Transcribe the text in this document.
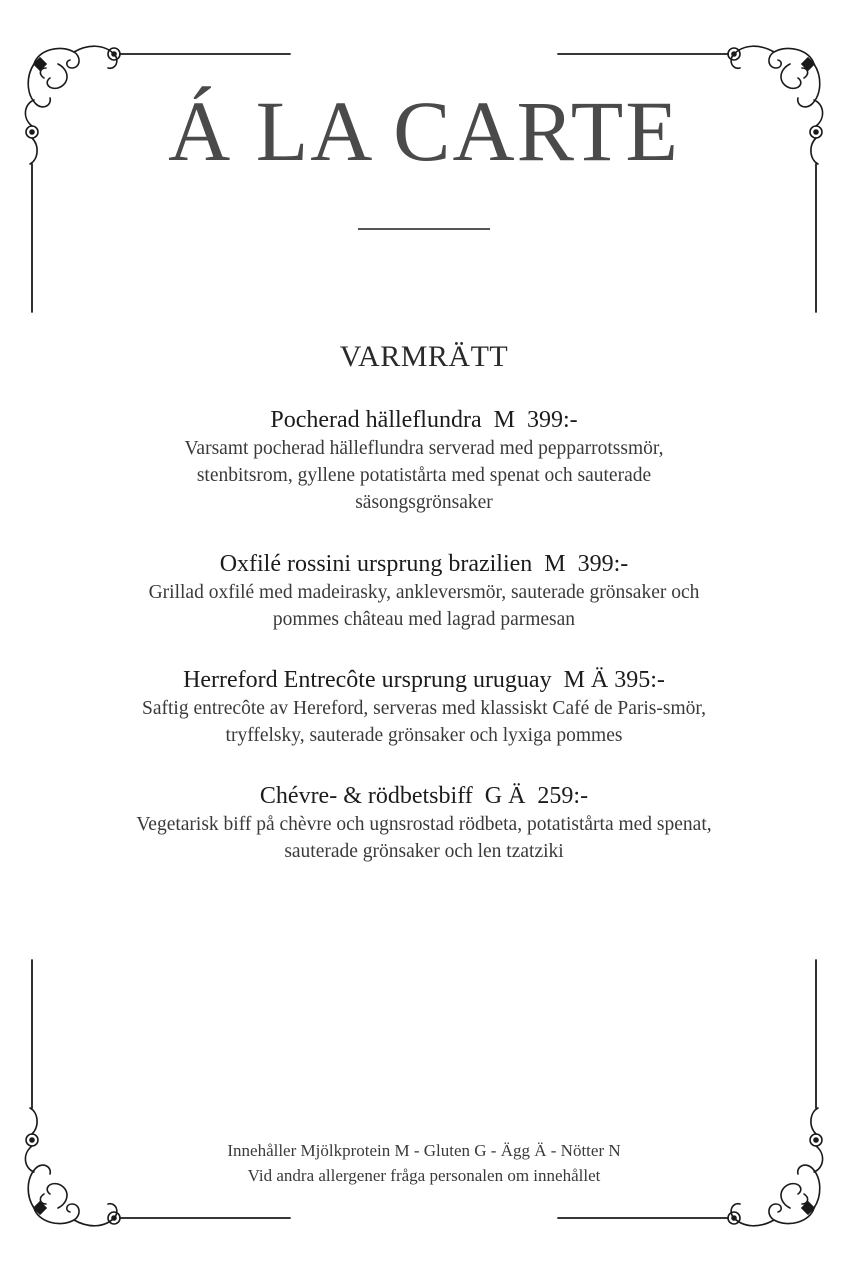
Á LA CARTE
VARMRÄTT
Pocherad hälleflundra  M  399:-
Varsamt pocherad hälleflundra serverad med pepparrotssmör,
stenbitsrom, gyllene potatistårta med spenat och sauterade
säsongsgrönsaker
Oxfilé rossini ursprung brazilien  M  399:-
Grillad oxfilé med madeirasky, ankleversmör, sauterade grönsaker och
pommes château med lagrad parmesan
Herreford Entrecôte ursprung uruguay  M Ä 395:-
Saftig entrecôte av Hereford, serveras med klassiskt Café de Paris-smör,
tryffelsky, sauterade grönsaker och lyxiga pommes
Chévre- & rödbetsbiff  G Ä  259:-
Vegetarisk biff på chèvre och ugnsrostad rödbeta, potatistårta med spenat,
sauterade grönsaker och len tzatziki
Innehåller Mjölkprotein M - Gluten G - Ägg Ä - Nötter N
Vid andra allergener fråga personalen om innehållet
